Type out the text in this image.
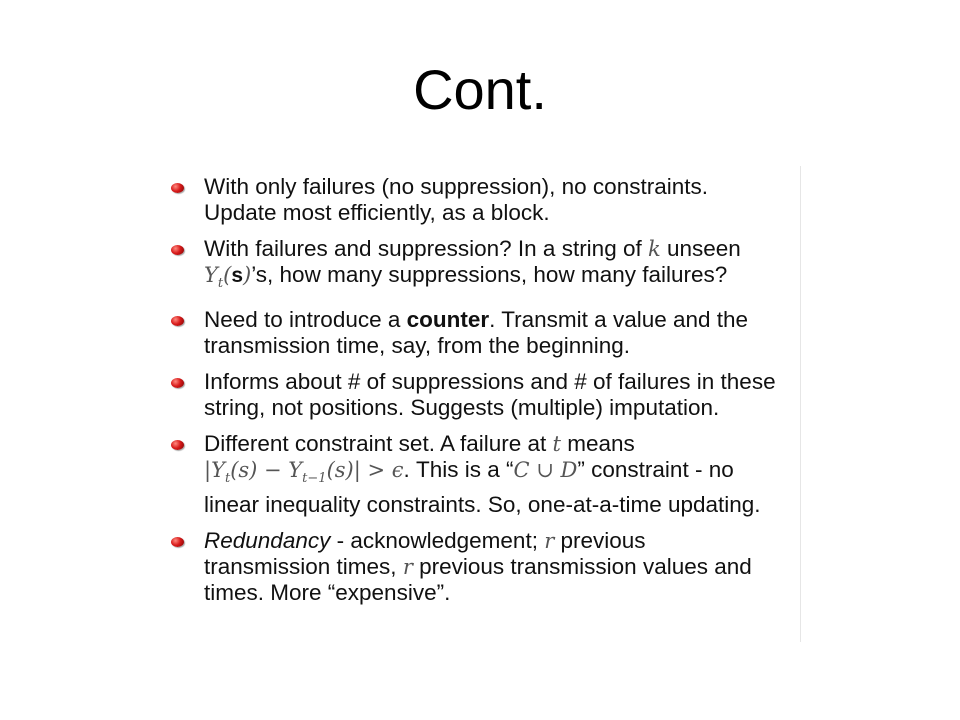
Cont.
With only failures (no suppression), no constraints.
Update most efficiently, as a block.
With failures and suppression? In a string of k unseen
$Y_t(s)’s$, how many suppressions, how many failures?
Need to introduce a counter. Transmit a value and the
transmission time, say, from the beginning.
Informs about # of suppressions and # of failures in these
string, not positions. Suggests (multiple) imputation.
Different constraint set. A failure at t means
$|Y_t(s) - Y_{t-1}(s)| > \epsilon$. This is a “C ∪ D” constraint - no
linear inequality constraints. So, one-at-a-time updating.
Redundancy - acknowledgement; r previous
transmission times, r previous transmission values and
times. More “expensive”.
